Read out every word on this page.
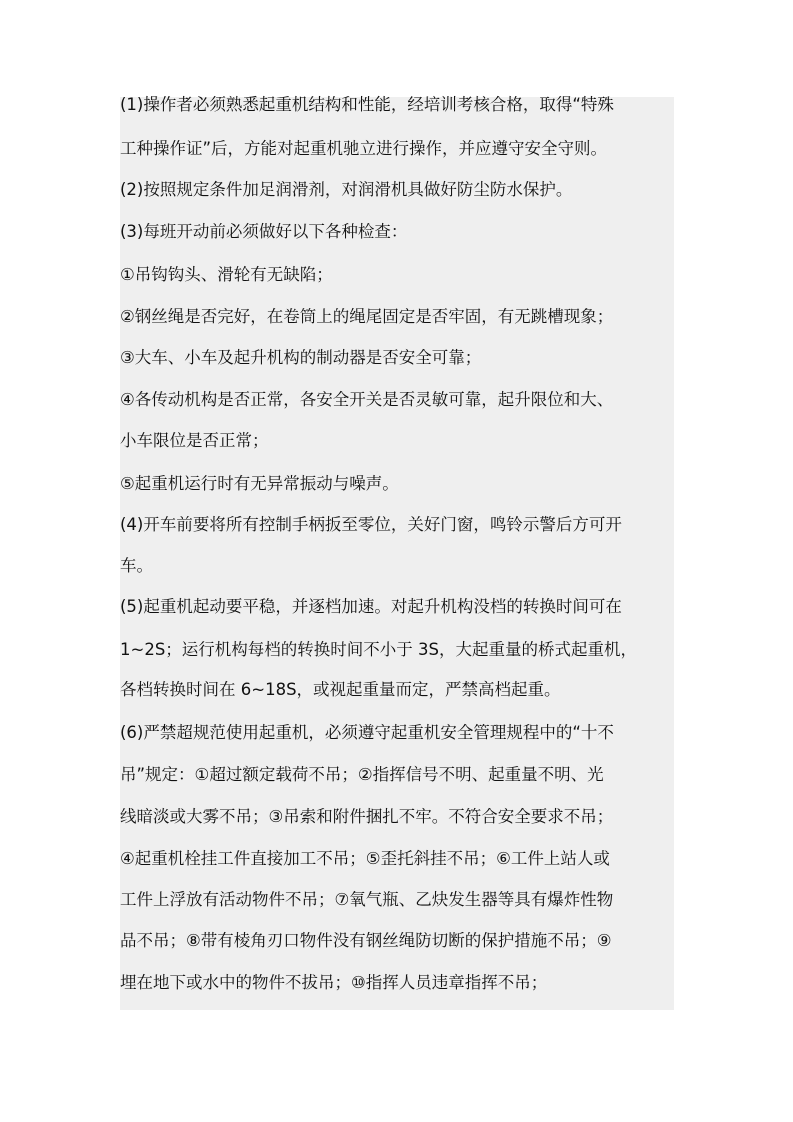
(1)操作者必须熟悉起重机结构和性能，经培训考核合格，取得“特殊
工种操作证”后，方能对起重机驰立进行操作，并应遵守安全守则。
(2)按照规定条件加足润滑剂，对润滑机具做好防尘防水保护。
(3)每班开动前必须做好以下各种检查：
①吊钩钩头、滑轮有无缺陷；
②钢丝绳是否完好，在卷筒上的绳尾固定是否牢固，有无跳槽现象；
③大车、小车及起升机构的制动器是否安全可靠；
④各传动机构是否正常，各安全开关是否灵敏可靠，起升限位和大、
小车限位是否正常；
⑤起重机运行时有无异常振动与噪声。
(4)开车前要将所有控制手柄扳至零位，关好门窗，鸣铃示警后方可开
车。
(5)起重机起动要平稳，并逐档加速。对起升机构没档的转换时间可在
1~2S；运行机构每档的转换时间不小于 3S，大起重量的桥式起重机，
各档转换时间在 6~18S，或视起重量而定，严禁高档起重。
(6)严禁超规范使用起重机，必须遵守起重机安全管理规程中的“十不
吊”规定：①超过额定载荷不吊；②指挥信号不明、起重量不明、光
线暗淡或大雾不吊；③吊索和附件捆扎不牢。不符合安全要求不吊；
④起重机栓挂工件直接加工不吊；⑤歪托斜挂不吊；⑥工件上站人或
工件上浮放有活动物件不吊；⑦氧气瓶、乙炔发生器等具有爆炸性物
品不吊；⑧带有棱角刃口物件没有钢丝绳防切断的保护措施不吊；⑨
埋在地下或水中的物件不拔吊；⑩指挥人员违章指挥不吊；
